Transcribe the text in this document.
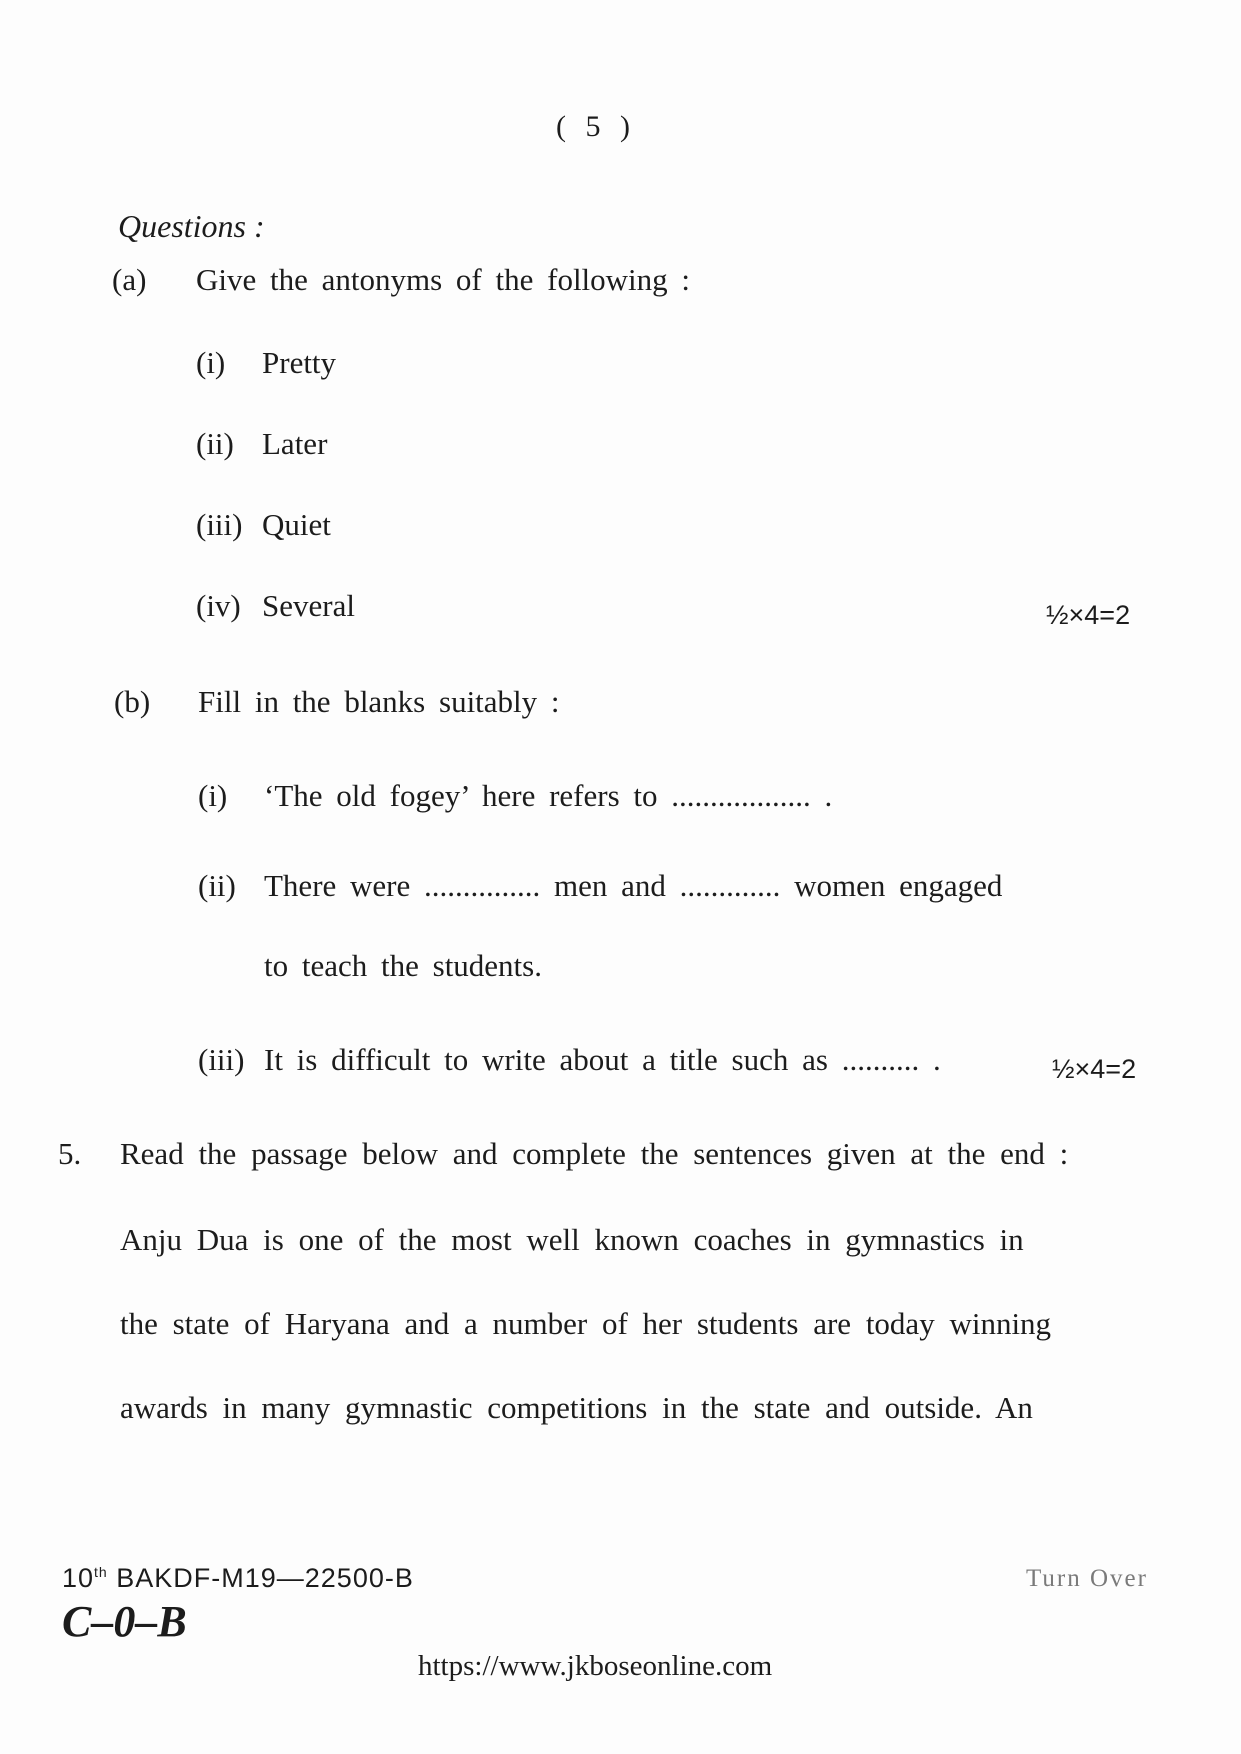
( 5 )
Questions :
(a) Give the antonyms of the following :
(i) Pretty
(ii) Later
(iii) Quiet
(iv) Several	½×4=2
(b) Fill in the blanks suitably :
(i) ‘The old fogey’ here refers to .................. .
(ii) There were ............... men and ............. women engaged
to teach the students.
(iii) It is difficult to write about a title such as .......... .	½×4=2
5. Read the passage below and complete the sentences given at the end :
Anju Dua is one of the most well known coaches in gymnastics in
the state of Haryana and a number of her students are today winning
awards in many gymnastic competitions in the state and outside. An
10th BAKDF-M19—22500-B	Turn Over
C–0–B
https://www.jkboseonline.com
